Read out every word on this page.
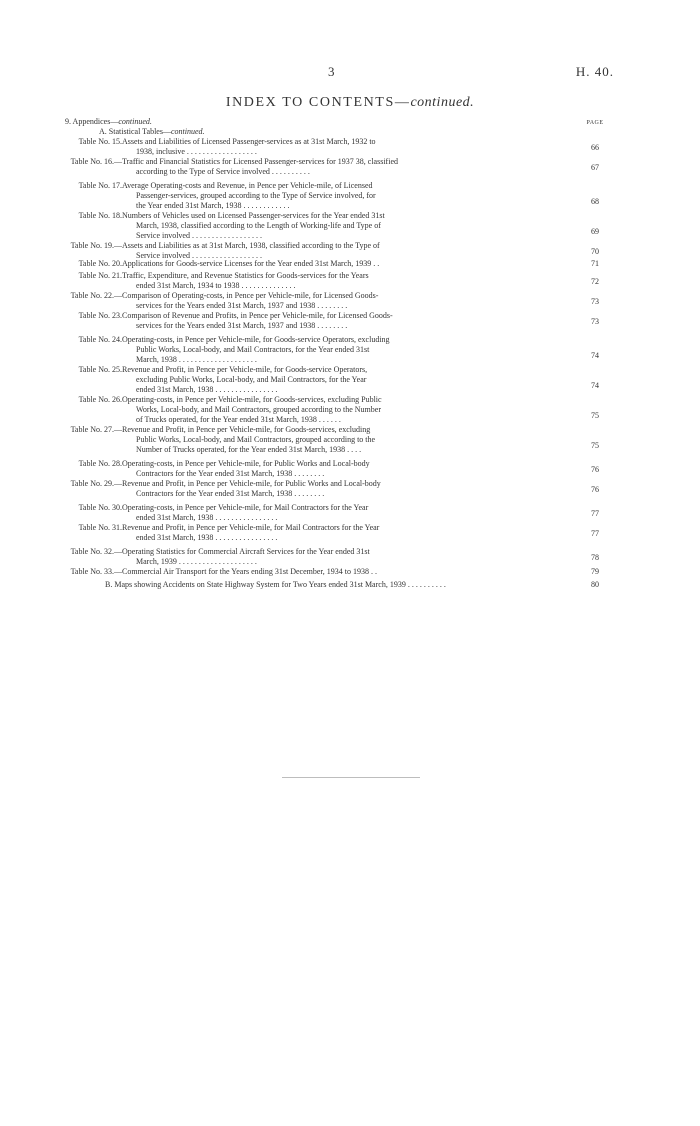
3	H. 40.
INDEX TO CONTENTS—continued.
PAGE
9. Appendices—continued.
A. Statistical Tables—continued.
Table No. 15. Assets and Liabilities of Licensed Passenger-services as at 31st March, 1932 to
1938, inclusive . . . . . . . . . . . . . . . . . .	66
Table No. 16.— Traffic and Financial Statistics for Licensed Passenger-services for 1937 38, classified
according to the Type of Service involved . . . . . . . . . .	67
Table No. 17. Average Operating-costs and Revenue, in Pence per Vehicle-mile, of Licensed
Passenger-services, grouped according to the Type of Service involved, for
the Year ended 31st March, 1938 . . . . . . . . . . . .	68
Table No. 18. Numbers of Vehicles used on Licensed Passenger-services for the Year ended 31st
March, 1938, classified according to the Length of Working-life and Type of
Service involved . . . . . . . . . . . . . . . . . .	69
Table No. 19.— Assets and Liabilities as at 31st March, 1938, classified according to the Type of
Service involved . . . . . . . . . . . . . . . . . .	70
Table No. 20. Applications for Goods-service Licenses for the Year ended 31st March, 1939 . .	71
Table No. 21. Traffic, Expenditure, and Revenue Statistics for Goods-services for the Years
ended 31st March, 1934 to 1938 . . . . . . . . . . . . . .	72
Table No. 22.— Comparison of Operating-costs, in Pence per Vehicle-mile, for Licensed Goods-
services for the Years ended 31st March, 1937 and 1938 . . . . . . . .	73
Table No. 23. Comparison of Revenue and Profits, in Pence per Vehicle-mile, for Licensed Goods-
services for the Years ended 31st March, 1937 and 1938 . . . . . . . .	73
Table No. 24. Operating-costs, in Pence per Vehicle-mile, for Goods-service Operators, excluding
Public Works, Local-body, and Mail Contractors, for the Year ended 31st
March, 1938 . . . . . . . . . . . . . . . . . . . .	74
Table No. 25. Revenue and Profit, in Pence per Vehicle-mile, for Goods-service Operators,
excluding Public Works, Local-body, and Mail Contractors, for the Year
ended 31st March, 1938 . . . . . . . . . . . . . . . .	74
Table No. 26. Operating-costs, in Pence per Vehicle-mile, for Goods-services, excluding Public
Works, Local-body, and Mail Contractors, grouped according to the Number
of Trucks operated, for the Year ended 31st March, 1938 . . . . . .	75
Table No. 27.— Revenue and Profit, in Pence per Vehicle-mile, for Goods-services, excluding
Public Works, Local-body, and Mail Contractors, grouped according to the
Number of Trucks operated, for the Year ended 31st March, 1938 . . . .	75
Table No. 28. Operating-costs, in Pence per Vehicle-mile, for Public Works and Local-body
Contractors for the Year ended 31st March, 1938 . . . . . . . .	76
Table No. 29.— Revenue and Profit, in Pence per Vehicle-mile, for Public Works and Local-body
Contractors for the Year ended 31st March, 1938 . . . . . . . .	76
Table No. 30. Operating-costs, in Pence per Vehicle-mile, for Mail Contractors for the Year
ended 31st March, 1938 . . . . . . . . . . . . . . . .	77
Table No. 31. Revenue and Profit, in Pence per Vehicle-mile, for Mail Contractors for the Year
ended 31st March, 1938 . . . . . . . . . . . . . . . .	77
Table No. 32.— Operating Statistics for Commercial Aircraft Services for the Year ended 31st
March, 1939 . . . . . . . . . . . . . . . . . . . .	78
Table No. 33.— Commercial Air Transport for the Years ending 31st December, 1934 to 1938 . .	79
B. Maps showing Accidents on State Highway System for Two Years ended 31st March, 1939 . . . . . . . . . .	80
